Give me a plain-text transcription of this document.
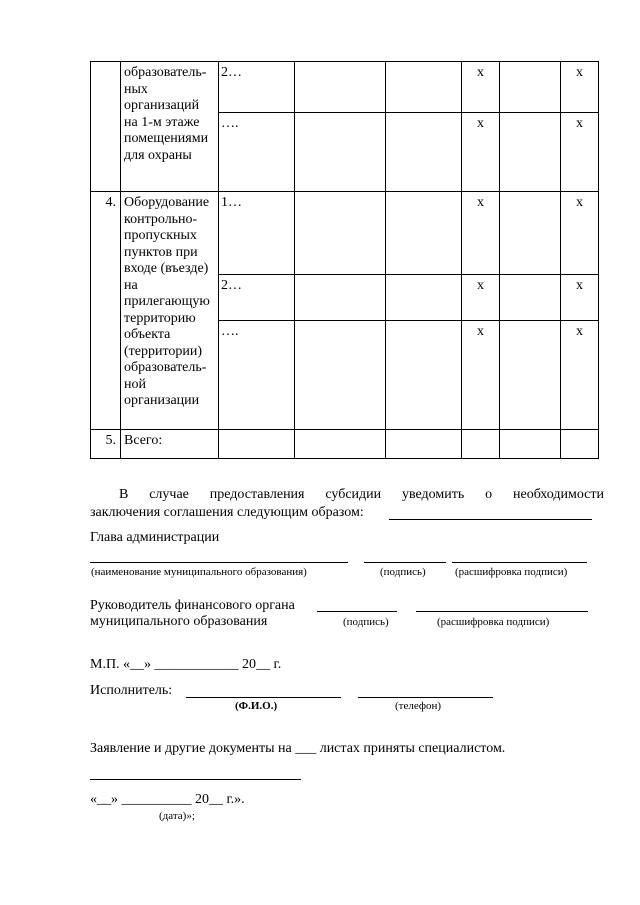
	образователь-ных организаций на 1-м этаже помещениями для охраны	2…			х		х
		….			х		х
4.	Оборудование контрольно-пропускных пунктов при входе (въезде) на прилегающую территорию объекта (территории) образователь-ной организации	1…			х		х
		2…			х		х
		….			х		х
5.	Всего:						
В случае предоставления субсидии уведомить о необходимости
заключения соглашения следующим образом:
Глава администрации
(наименование муниципального образования)	(подпись)	(расшифровка подписи)
Руководитель финансового органа
муниципального образования	(подпись)	(расшифровка подписи)
М.П. «__» ____________ 20__ г.
Исполнитель:
(Ф.И.О.)	(телефон)
Заявление и другие документы на ___ листах приняты специалистом.
«__» __________ 20__ г.».
(дата)»;
